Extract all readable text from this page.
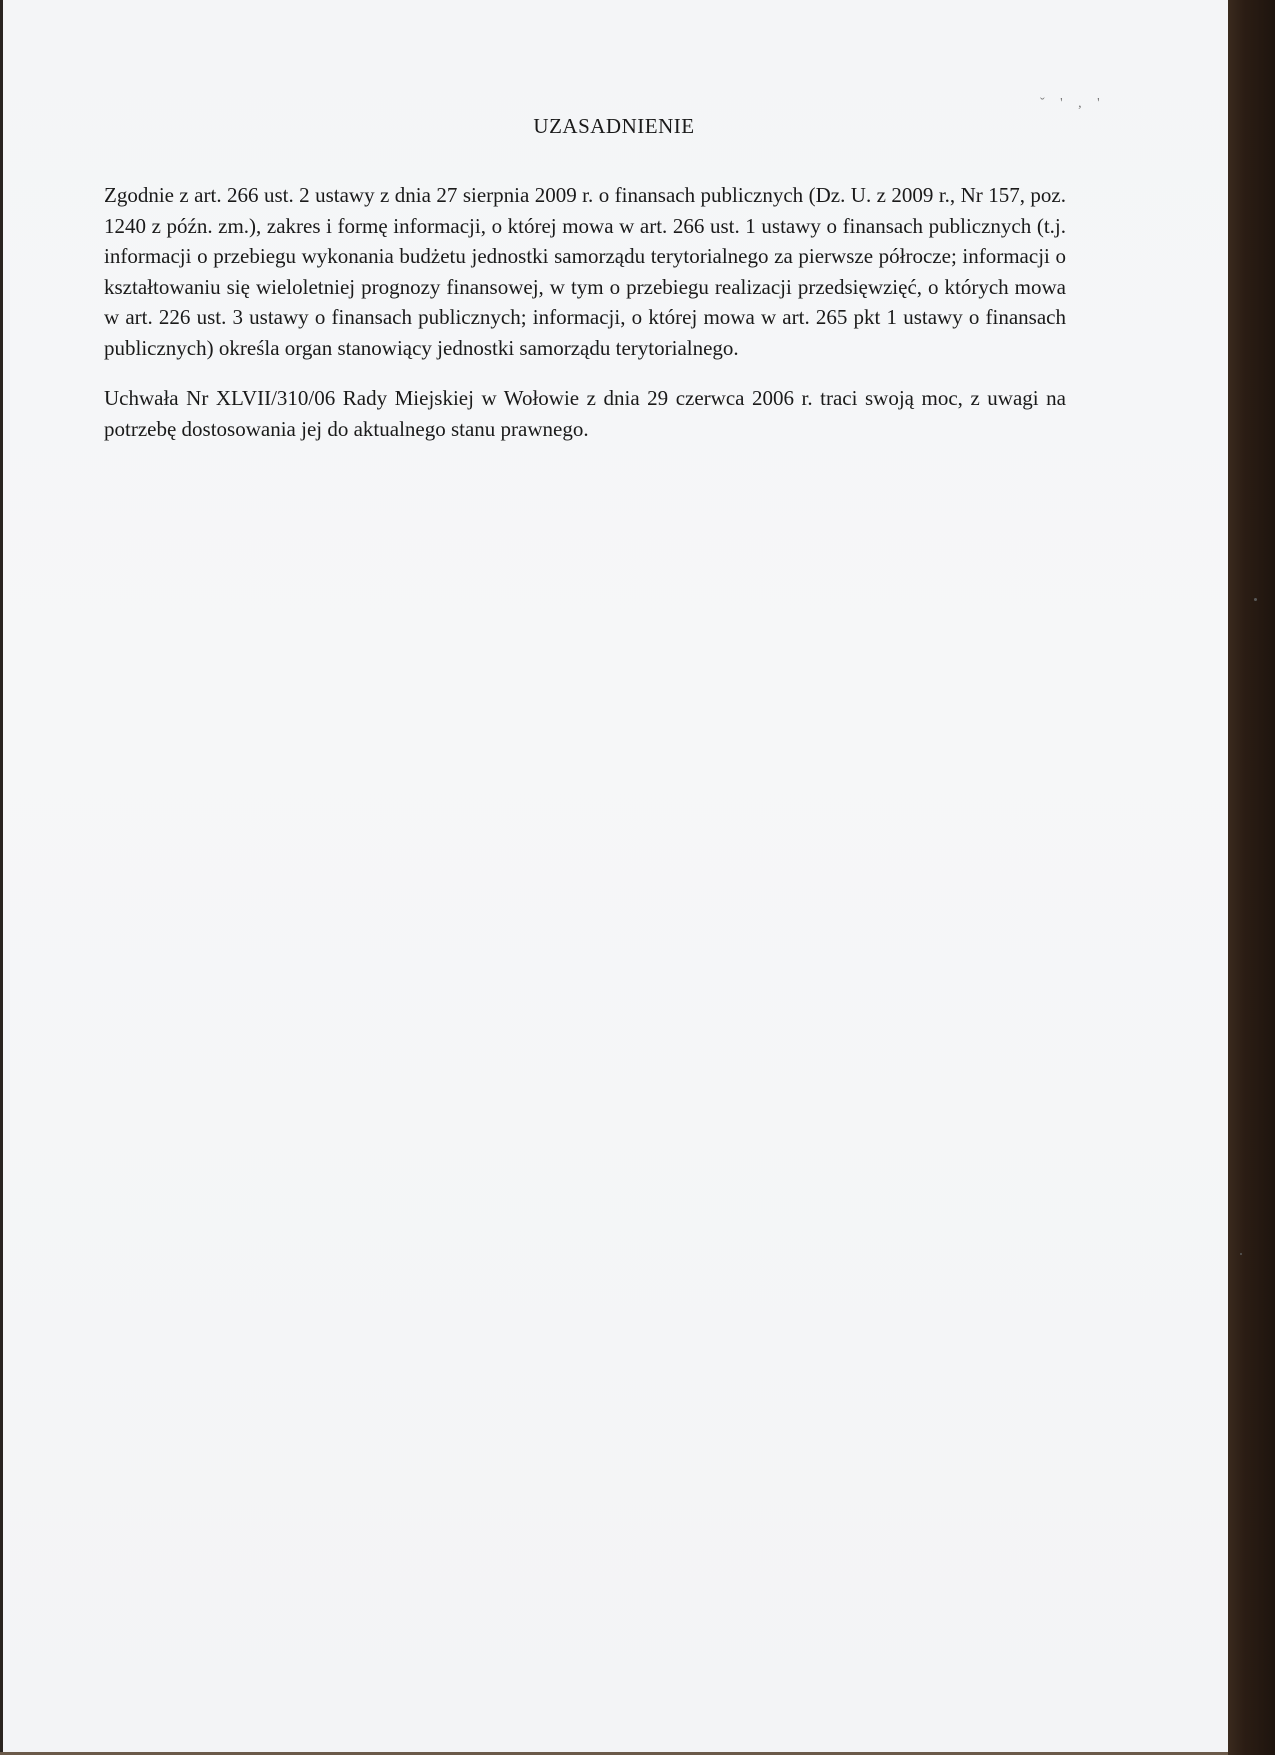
ˇ ' , '
UZASADNIENIE

Zgodnie z art. 266 ust. 2 ustawy z dnia 27 sierpnia 2009 r. o finansach publicznych (Dz. U. z 2009 r., Nr 157, poz. 1240 z późn. zm.), zakres i formę informacji, o której mowa w art. 266 ust. 1 ustawy o finansach publicznych (t.j. informacji o przebiegu wykonania budżetu jednostki samorządu terytorialnego za pierwsze półrocze; informacji o kształtowaniu się wieloletniej prognozy finansowej, w tym o przebiegu realizacji przedsięwzięć, o których mowa w art. 226 ust. 3 ustawy o finansach publicznych; informacji, o której mowa w art. 265 pkt 1 ustawy o finansach publicznych) określa organ stanowiący jednostki samorządu terytorialnego.

Uchwała Nr XLVII/310/06 Rady Miejskiej w Wołowie z dnia 29 czerwca 2006 r. traci swoją moc, z uwagi na potrzebę dostosowania jej do aktualnego stanu prawnego.
